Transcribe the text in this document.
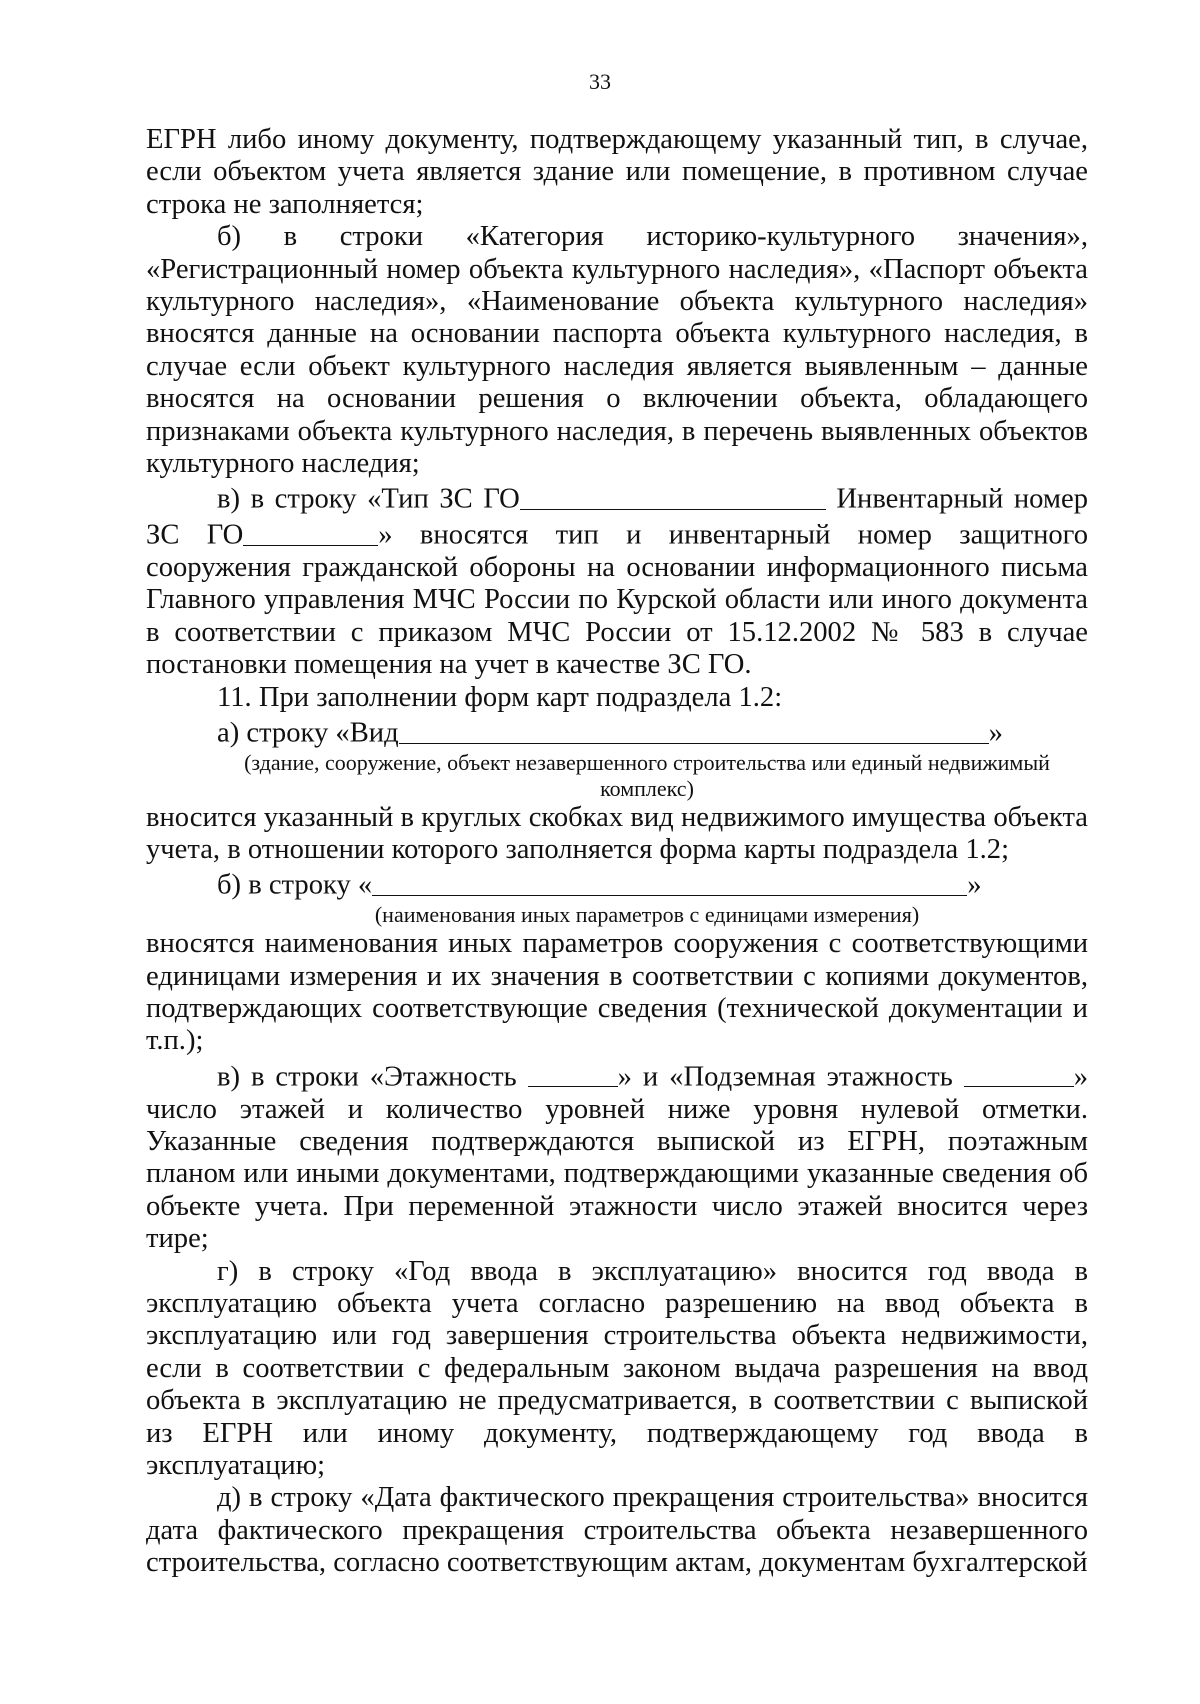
33

ЕГРН либо иному документу, подтверждающему указанный тип, в случае, если объектом учета является здание или помещение, в противном случае строка не заполняется;

б) в строки «Категория историко-культурного значения», «Регистрационный номер объекта культурного наследия», «Паспорт объекта культурного наследия», «Наименование объекта культурного наследия» вносятся данные на основании паспорта объекта культурного наследия, в случае если объект культурного наследия является выявленным – данные вносятся на основании решения о включении объекта, обладающего признаками объекта культурного наследия, в перечень выявленных объектов культурного наследия;

в) в строку «Тип ЗС ГО	Инвентарный номер ЗС ГО	» вносятся тип и инвентарный номер защитного сооружения гражданской обороны на основании информационного письма Главного управления МЧС России по Курской области или иного документа в соответствии с приказом МЧС России от 15.12.2002 № 583 в случае постановки помещения на учет в качестве ЗС ГО.

11. При заполнении форм карт подраздела 1.2:

а) строку «Вид	»

(здание, сооружение, объект незавершенного строительства или единый недвижимый комплекс)

вносится указанный в круглых скобках вид недвижимого имущества объекта учета, в отношении которого заполняется форма карты подраздела 1.2;

б) в строку «	»

(наименования иных параметров с единицами измерения)

вносятся наименования иных параметров сооружения с соответствующими единицами измерения и их значения в соответствии с копиями документов, подтверждающих соответствующие сведения (технической документации и т.п.);

в) в строки «Этажность	» и «Подземная этажность	» число этажей и количество уровней ниже уровня нулевой отметки. Указанные сведения подтверждаются выпиской из ЕГРН, поэтажным планом или иными документами, подтверждающими указанные сведения об объекте учета. При переменной этажности число этажей вносится через тире;

г) в строку «Год ввода в эксплуатацию» вносится год ввода в эксплуатацию объекта учета согласно разрешению на ввод объекта в эксплуатацию или год завершения строительства объекта недвижимости, если в соответствии с федеральным законом выдача разрешения на ввод объекта в эксплуатацию не предусматривается, в соответствии с выпиской из ЕГРН или иному документу, подтверждающему год ввода в эксплуатацию;

д) в строку «Дата фактического прекращения строительства» вносится дата фактического прекращения строительства объекта незавершенного строительства, согласно соответствующим актам, документам бухгалтерской
